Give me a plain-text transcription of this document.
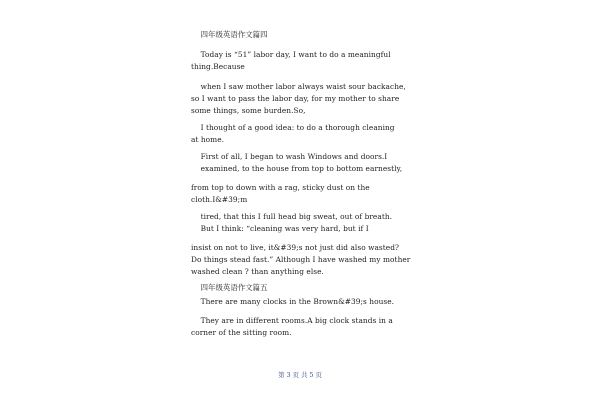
四年级英语作文篇四
Today is “51” labor day, I want to do a meaningful
thing.Because
when I saw mother labor always waist sour backache,
so I want to pass the labor day, for my mother to share
some things, some burden.So,
I thought of a good idea: to do a thorough cleaning
at home.
First of all, I began to wash Windows and doors.I
examined, to the house from top to bottom earnestly,
from top to down with a rag, sticky dust on the
cloth.I&#39;m
tired, that this I full head big sweat, out of breath.
But I think: “cleaning was very hard, but if I
insist on not to live, it&#39;s not just did also wasted?
Do things stead fast.” Although I have washed my mother
washed clean ? than anything else.
四年级英语作文篇五
There are many clocks in the Brown&#39;s house.
They are in different rooms.A big clock stands in a
corner of the sitting room.
第 3 页 共 5 页
